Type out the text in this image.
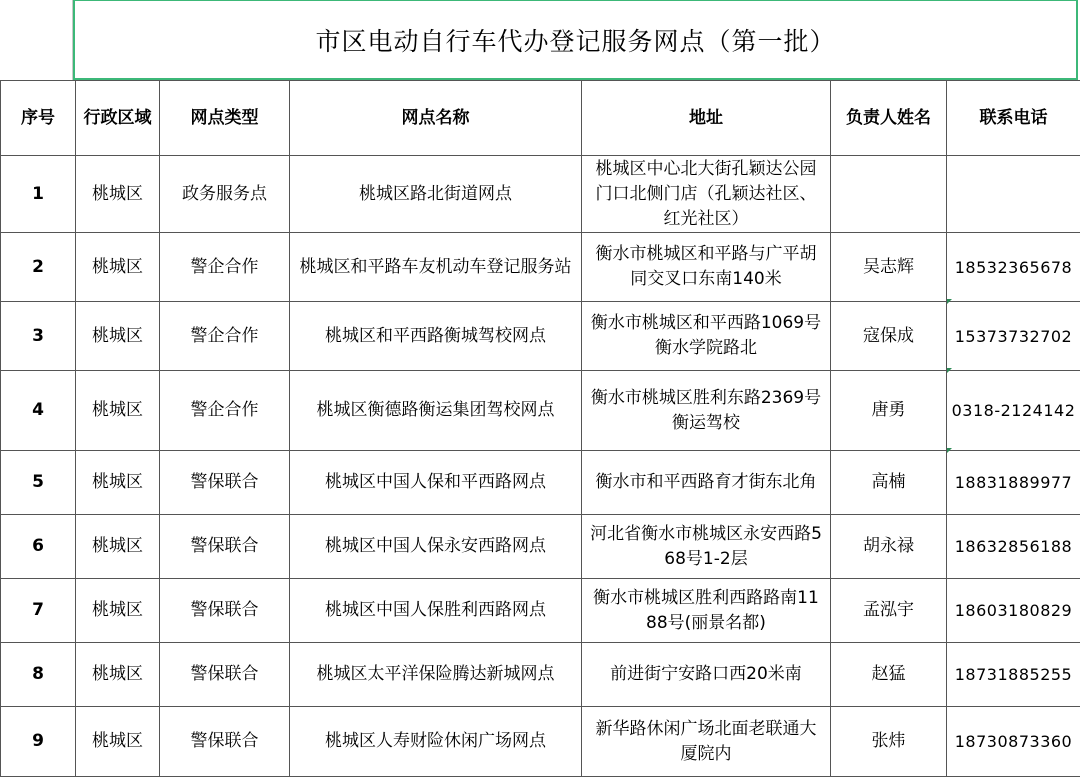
市区电动自行车代办登记服务网点（第一批）
序号	行政区域	网点类型	网点名称	地址	负责人姓名	联系电话
1	桃城区	政务服务点	桃城区路北街道网点	桃城区中心北大街孔颖达公园门口北侧门店（孔颖达社区、红光社区）		
2	桃城区	警企合作	桃城区和平路车友机动车登记服务站	衡水市桃城区和平路与广平胡同交叉口东南140米	吴志辉	18532365678
3	桃城区	警企合作	桃城区和平西路衡城驾校网点	衡水市桃城区和平西路1069号衡水学院路北	寇保成	15373732702
4	桃城区	警企合作	桃城区衡德路衡运集团驾校网点	衡水市桃城区胜利东路2369号衡运驾校	唐勇	0318-2124142
5	桃城区	警保联合	桃城区中国人保和平西路网点	衡水市和平西路育才街东北角	高楠	18831889977
6	桃城区	警保联合	桃城区中国人保永安西路网点	河北省衡水市桃城区永安西路568号1-2层	胡永禄	18632856188
7	桃城区	警保联合	桃城区中国人保胜利西路网点	衡水市桃城区胜利西路路南1188号(丽景名都)	孟泓宇	18603180829
8	桃城区	警保联合	桃城区太平洋保险腾达新城网点	前进街宁安路口西20米南	赵猛	18731885255
9	桃城区	警保联合	桃城区人寿财险休闲广场网点	新华路休闲广场北面老联通大厦院内	张炜	18730873360
